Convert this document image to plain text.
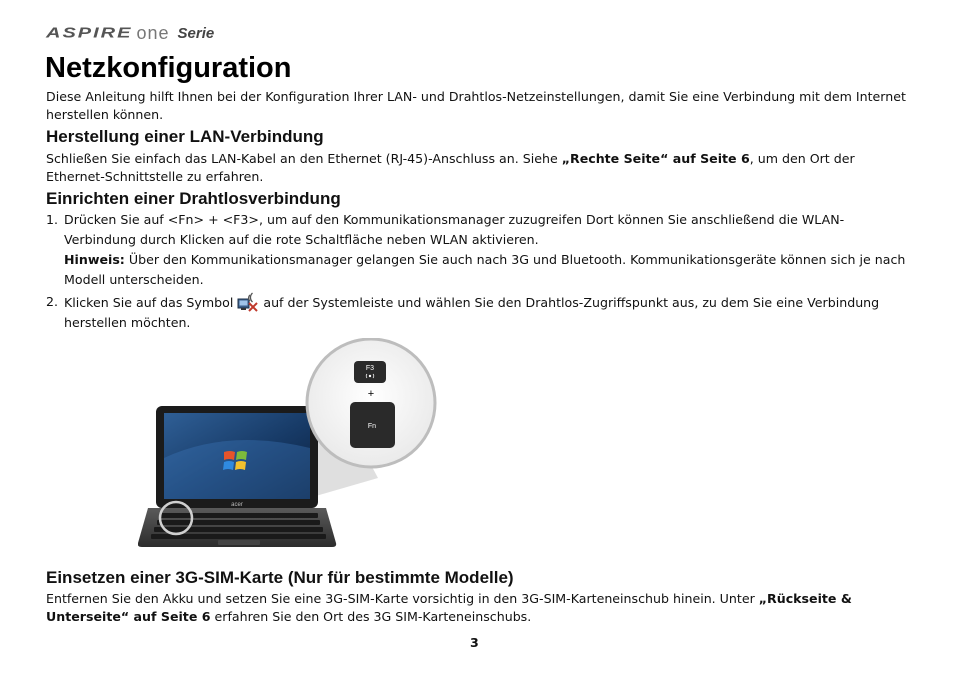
ASPIRE one Serie
Netzkonfiguration

Diese Anleitung hilft Ihnen bei der Konfiguration Ihrer LAN- und Drahtlos-Netzeinstellungen, damit Sie eine Verbindung mit dem Internet herstellen können.

Herstellung einer LAN-Verbindung

Schließen Sie einfach das LAN-Kabel an den Ethernet (RJ-45)-Anschluss an. Siehe „Rechte Seite“ auf Seite 6, um den Ort der Ethernet-Schnittstelle zu erfahren.

Einrichten einer Drahtlosverbindung
1. Drücken Sie auf <Fn> + <F3>, um auf den Kommunikationsmanager zuzugreifen Dort können Sie anschließend die WLAN-Verbindung durch Klicken auf die rote Schaltfläche neben WLAN aktivieren.

Hinweis: Über den Kommunikationsmanager gelangen Sie auch nach 3G und Bluetooth. Kommunikationsgeräte können sich je nach Modell unterscheiden.

2. Klicken Sie auf das Symbol  auf der Systemleiste und wählen Sie den Drahtlos-Zugriffspunkt aus, zu dem Sie eine Verbindung herstellen möchten.

acer
F3
+
Fn
Einsetzen einer 3G-SIM-Karte (Nur für bestimmte Modelle)

Entfernen Sie den Akku und setzen Sie eine 3G-SIM-Karte vorsichtig in den 3G-SIM-Karteneinschub hinein. Unter „Rückseite & Unterseite“ auf Seite 6 erfahren Sie den Ort des 3G SIM-Karteneinschubs.

3
